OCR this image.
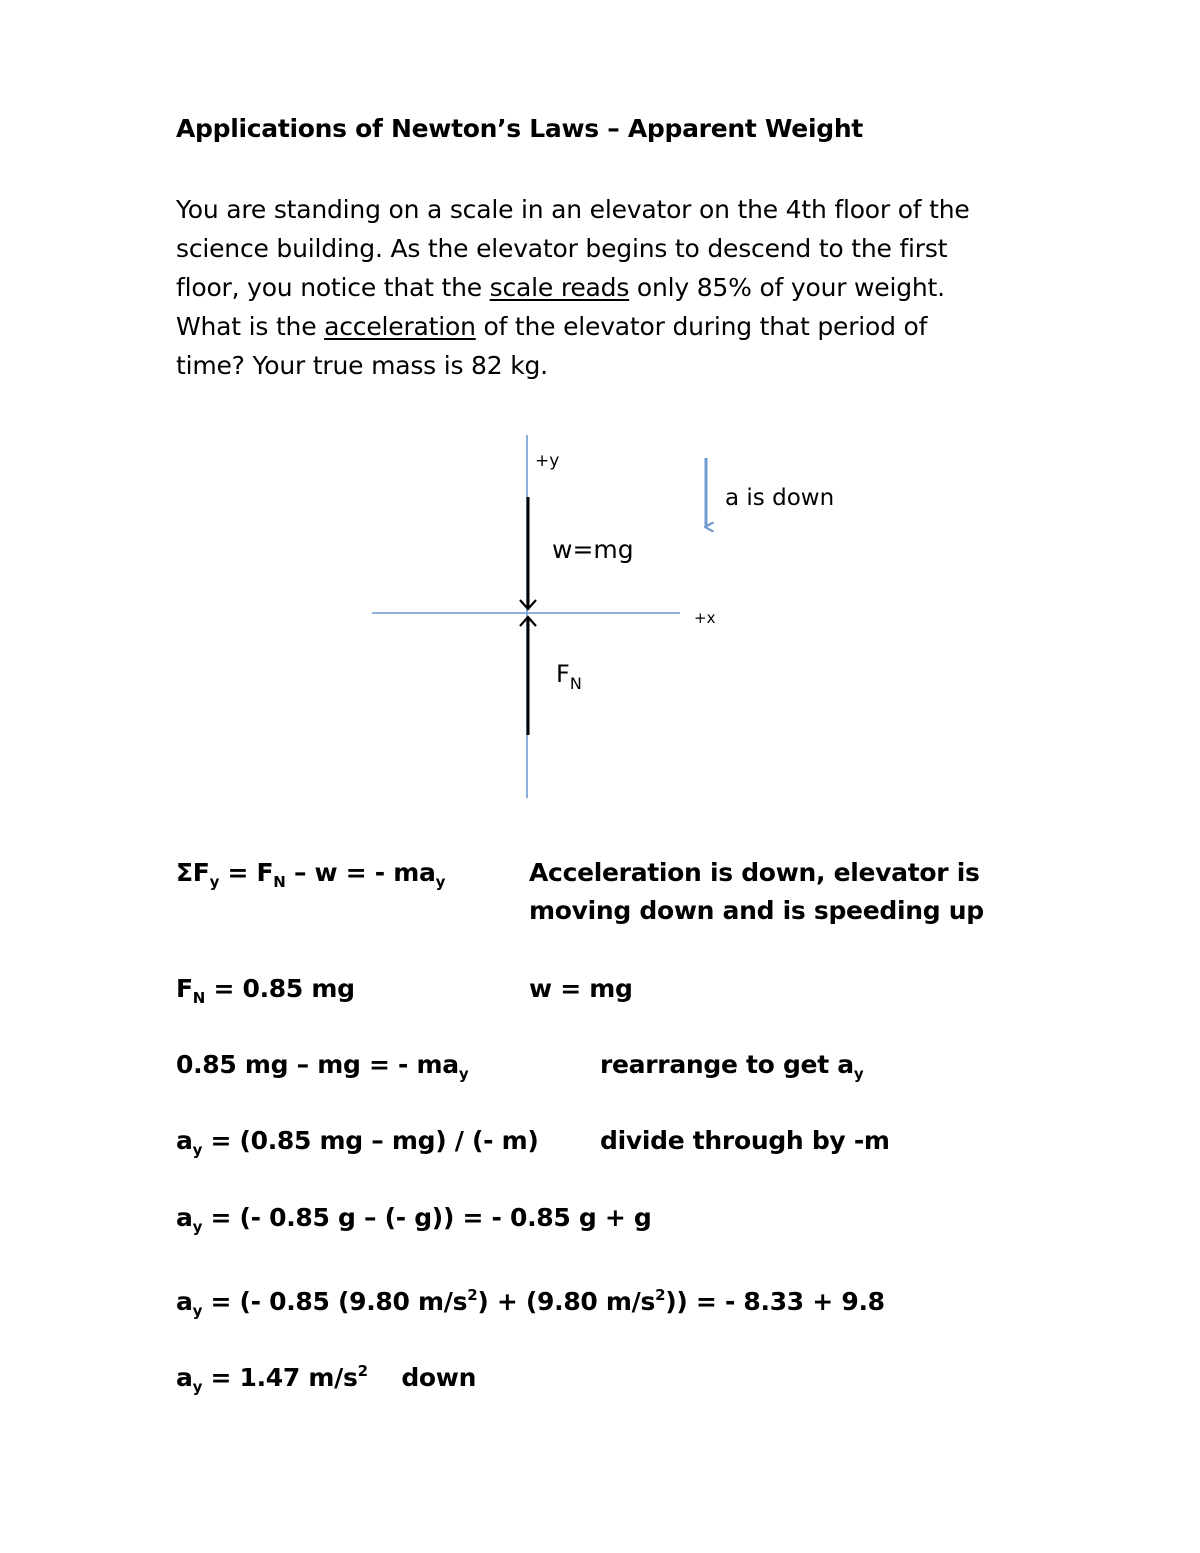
Applications of Newton’s Laws – Apparent Weight
You are standing on a scale in an elevator on the 4th floor of the
science building. As the elevator begins to descend to the first
floor, you notice that the scale reads only 85% of your weight.
What is the acceleration of the elevator during that period of
time? Your true mass is 82 kg.
+y
+x
w=mg
$F_N$
a is down
$\Sigma F_y = F_N - w$ = - $ma_y$	Acceleration is down, elevator is
moving down and is speeding up
$F_N = 0.85$ mg	w = mg
0.85 mg – mg = - $ma_y$	rearrange to get $a_y$
$a_y = (0.85$ mg – mg) / (- m) divide through by -m
$a_y$ = (- 0.85 g – (- g)) = - 0.85 g + g
$a_y$ = (- 0.85 (9.80 $m/s^2) + (9.80$ $m/s^2$)) = - 8.33 + 9.8
$a_y = 1.47$ $m/s^2$    down
